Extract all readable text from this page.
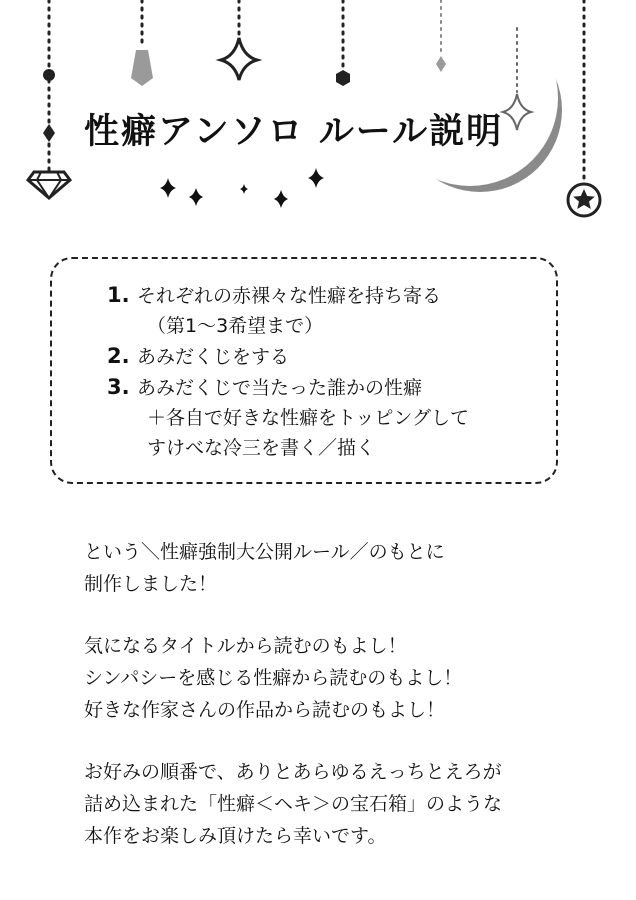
性癖アンソロ ルール説明
1. それぞれの赤裸々な性癖を持ち寄る
（第1〜3希望まで）
2. あみだくじをする
3. あみだくじで当たった誰かの性癖
＋各自で好きな性癖をトッピングして
すけべな冷三を書く／描く

という＼性癖強制大公開ルール／のもとに
制作しました！

気になるタイトルから読むのもよし！
シンパシーを感じる性癖から読むのもよし！
好きな作家さんの作品から読むのもよし！

お好みの順番で、ありとあらゆるえっちとえろが
詰め込まれた「性癖＜ヘキ＞の宝石箱」のような
本作をお楽しみ頂けたら幸いです。
